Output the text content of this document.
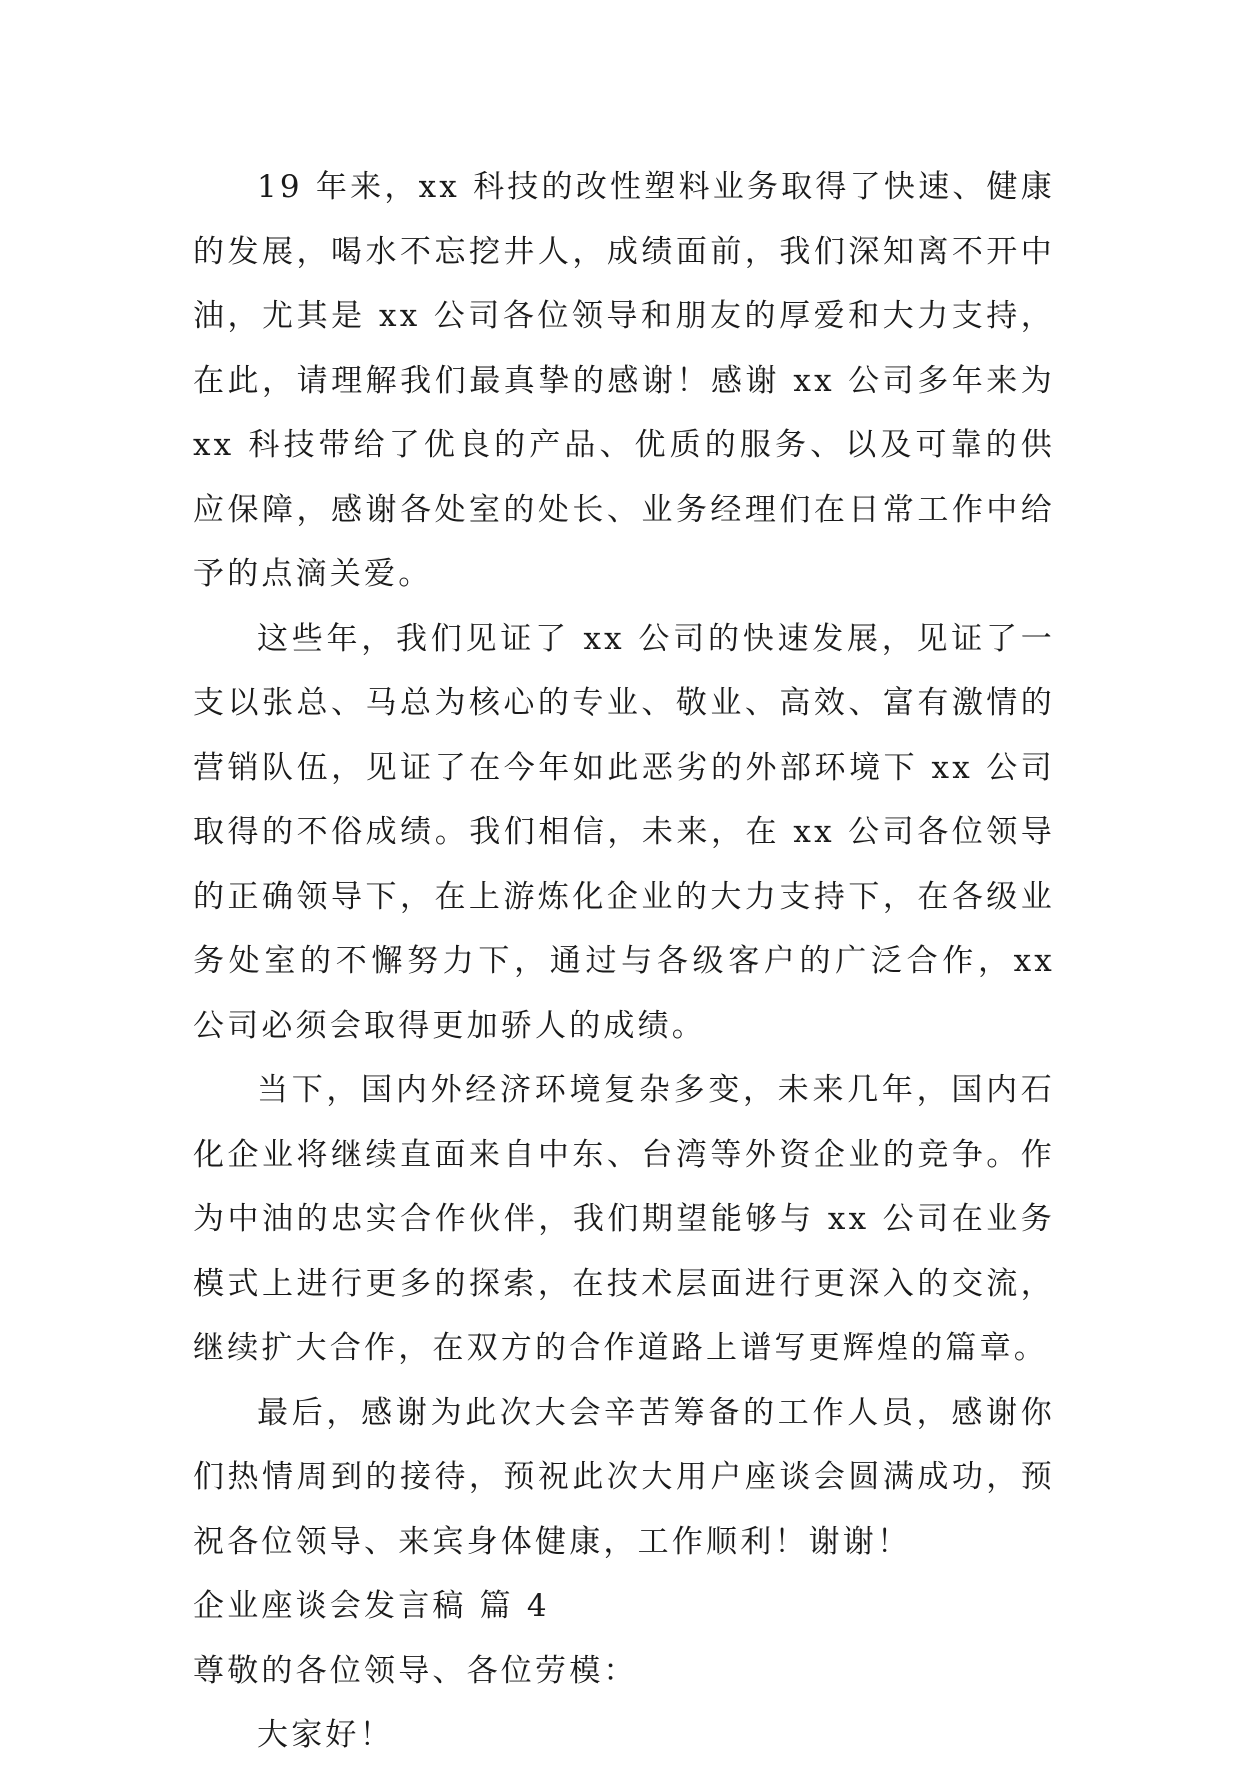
19 年来，xx 科技的改性塑料业务取得了快速、健康的发展，喝水不忘挖井人，成绩面前，我们深知离不开中油，尤其是 xx 公司各位领导和朋友的厚爱和大力支持，在此，请理解我们最真挚的感谢！感谢 xx 公司多年来为 xx 科技带给了优良的产品、优质的服务、以及可靠的供应保障，感谢各处室的处长、业务经理们在日常工作中给予的点滴关爱。

这些年，我们见证了 xx 公司的快速发展，见证了一支以张总、马总为核心的专业、敬业、高效、富有激情的营销队伍，见证了在今年如此恶劣的外部环境下 xx 公司取得的不俗成绩。我们相信，未来，在 xx 公司各位领导的正确领导下，在上游炼化企业的大力支持下，在各级业务处室的不懈努力下，通过与各级客户的广泛合作，xx 公司必须会取得更加骄人的成绩。

当下，国内外经济环境复杂多变，未来几年，国内石化企业将继续直面来自中东、台湾等外资企业的竞争。作为中油的忠实合作伙伴，我们期望能够与 xx 公司在业务模式上进行更多的探索，在技术层面进行更深入的交流，继续扩大合作，在双方的合作道路上谱写更辉煌的篇章。

最后，感谢为此次大会辛苦筹备的工作人员，感谢你们热情周到的接待，预祝此次大用户座谈会圆满成功，预祝各位领导、来宾身体健康，工作顺利！谢谢！

企业座谈会发言稿 篇 4

尊敬的各位领导、各位劳模：

大家好！
